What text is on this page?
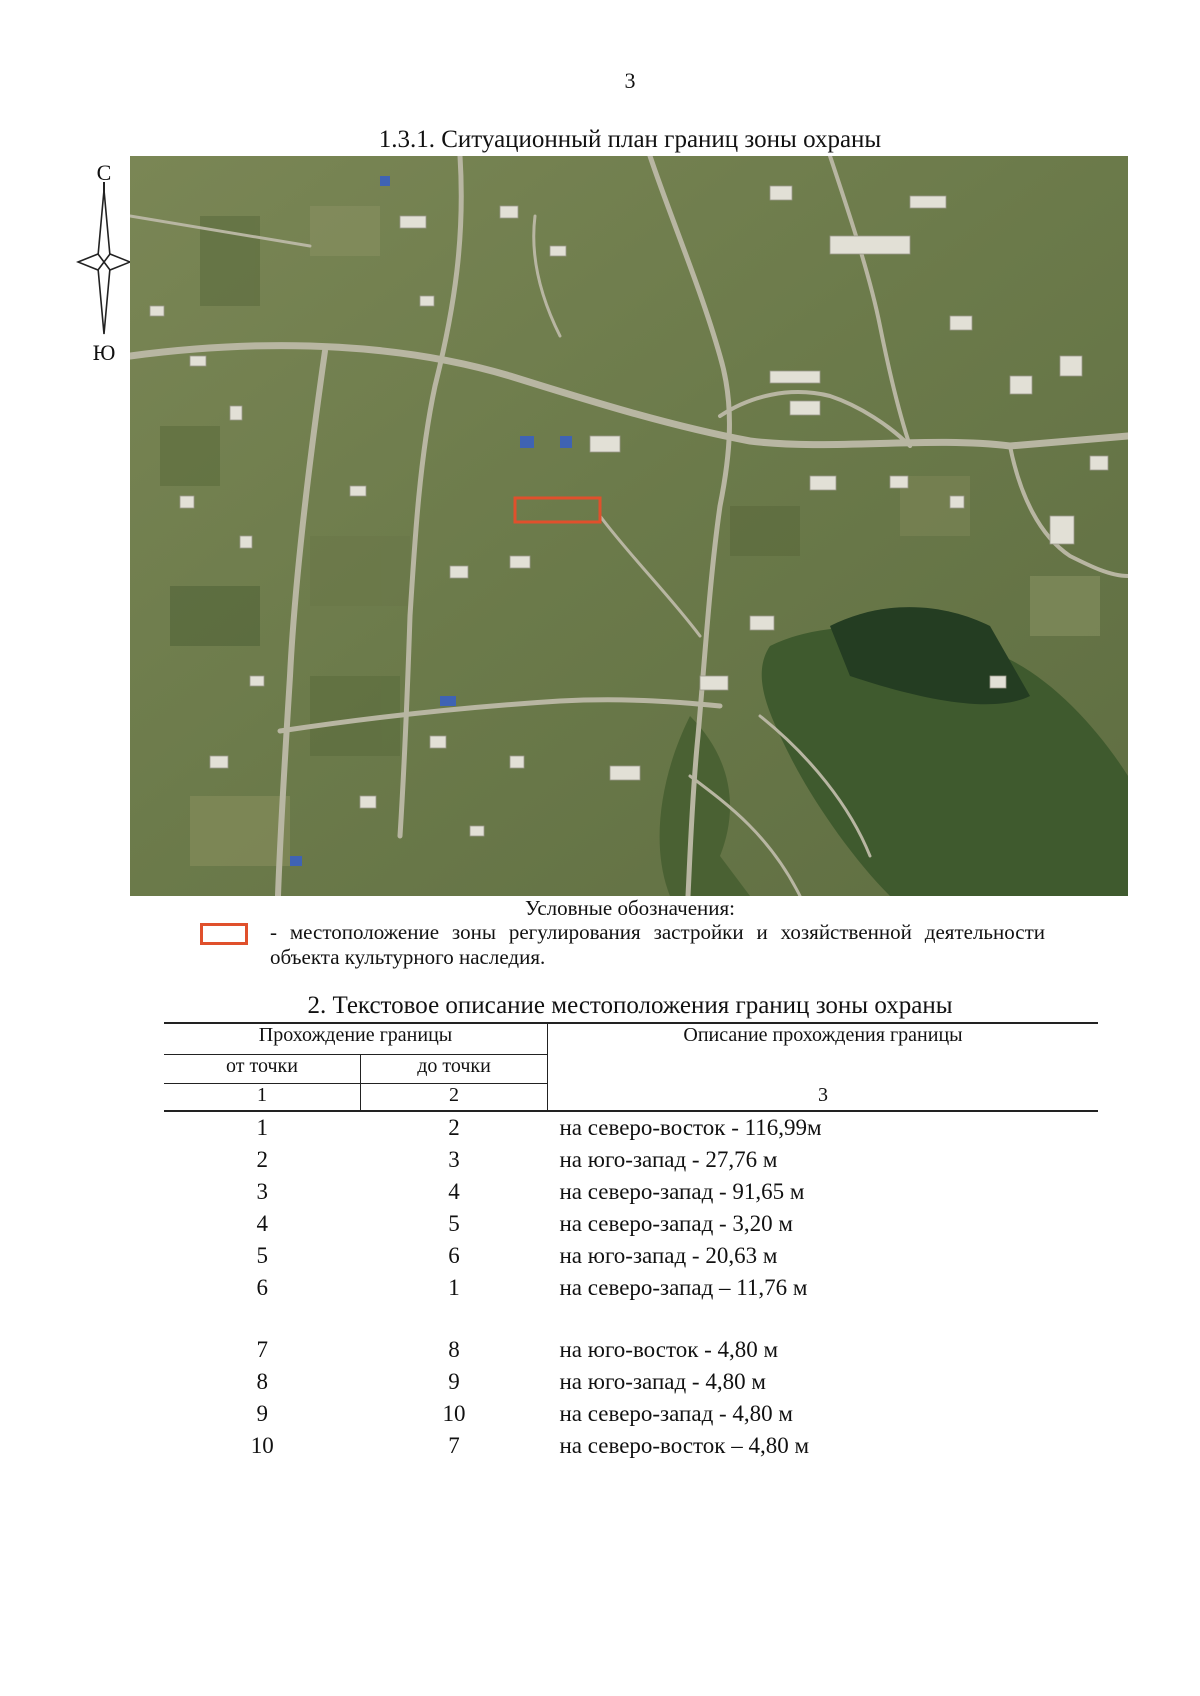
3
1.3.1. Ситуационный план границ зоны охраны
С
Ю
Условные обозначения:
- местоположение зоны регулирования застройки и хозяйственной деятельности объекта культурного наследия.
2. Текстовое описание местоположения границ зоны охраны
Прохождение границы		Описание прохождения границы
от точки	до точки	
1	2	3
1	2	на северо-восток - 116,99м
2	3	на юго-запад - 27,76 м
3	4	на северо-запад - 91,65 м
4	5	на северо-запад - 3,20 м
5	6	на юго-запад - 20,63 м
6	1	на северо-запад – 11,76 м

7	8	на юго-восток - 4,80 м
8	9	на юго-запад - 4,80 м
9	10	на северо-запад - 4,80 м
10	7	на северо-восток – 4,80 м
